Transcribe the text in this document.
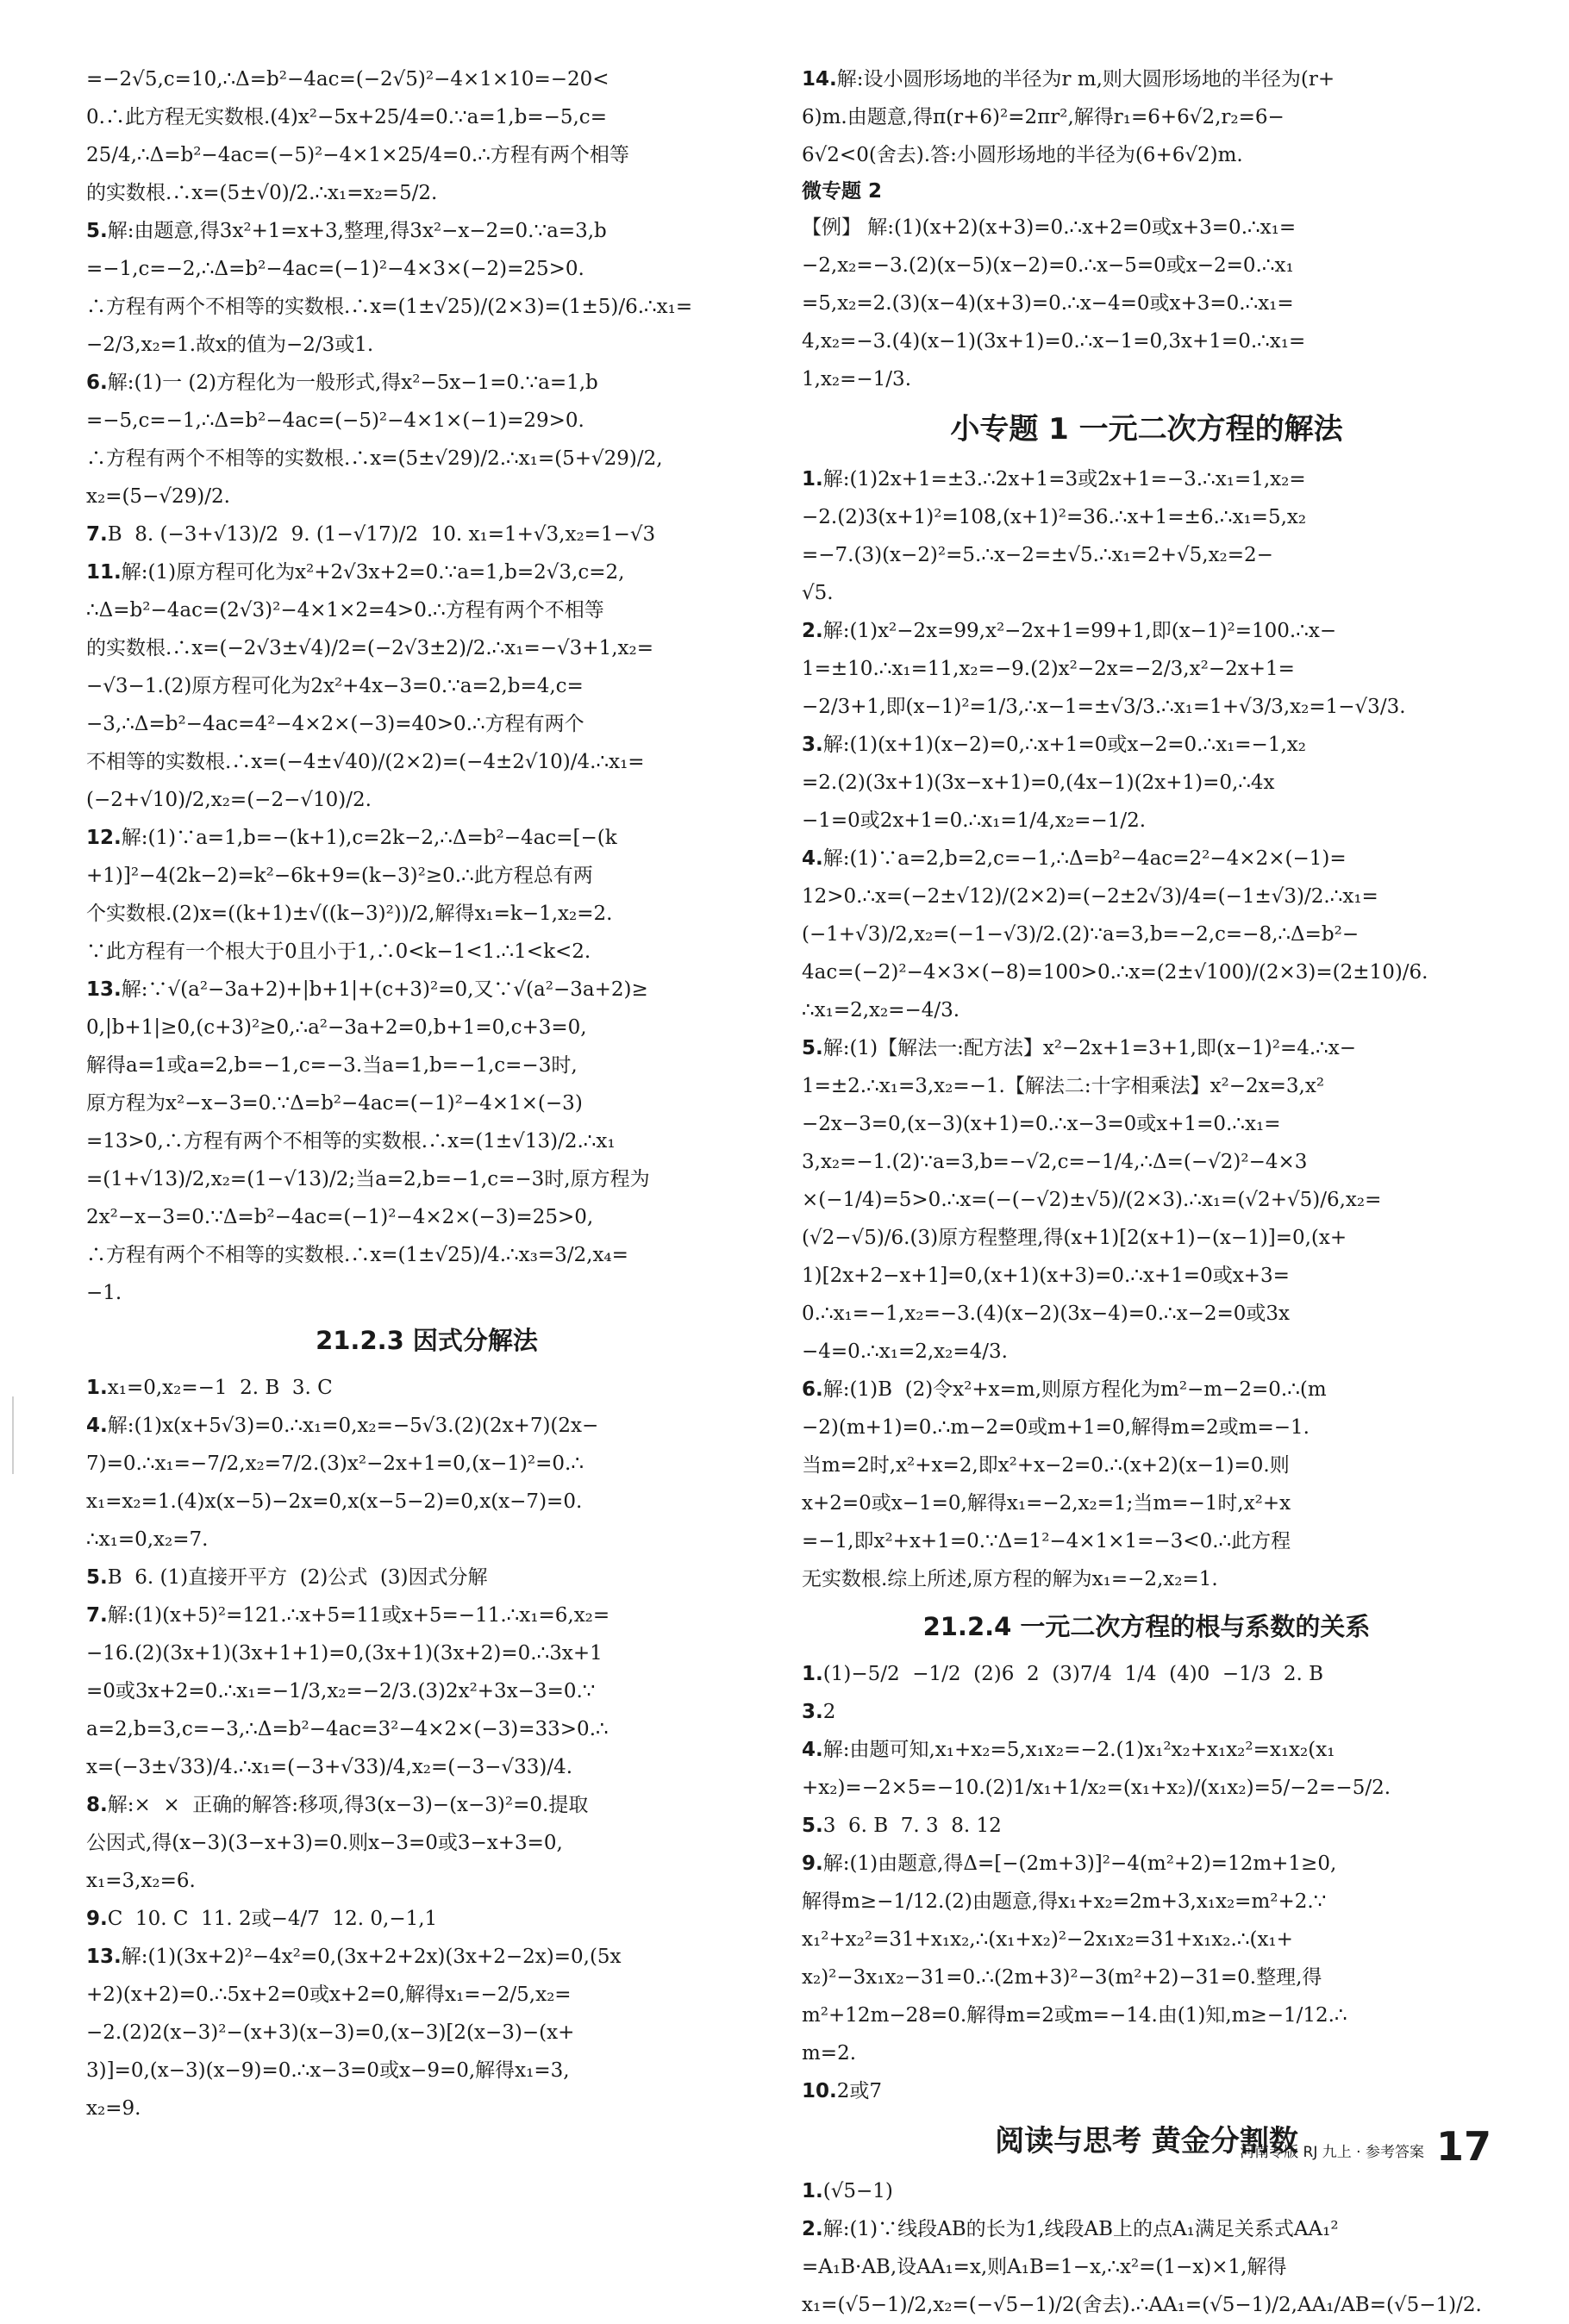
=−2√5,c=10,∴Δ=b²−4ac=(−2√5)²−4×1×10=−20<

0.∴此方程无实数根.(4)x²−5x+25/4=0.∵a=1,b=−5,c=

25/4,∴Δ=b²−4ac=(−5)²−4×1×25/4=0.∴方程有两个相等

的实数根.∴x=(5±√0)/2.∴x₁=x₂=5/2.

5.解:由题意,得3x²+1=x+3,整理,得3x²−x−2=0.∵a=3,b

=−1,c=−2,∴Δ=b²−4ac=(−1)²−4×3×(−2)=25>0.

∴方程有两个不相等的实数根.∴x=(1±√25)/(2×3)=(1±5)/6.∴x₁=

−2/3,x₂=1.故x的值为−2/3或1.

6.解:(1)一 (2)方程化为一般形式,得x²−5x−1=0.∵a=1,b

=−5,c=−1,∴Δ=b²−4ac=(−5)²−4×1×(−1)=29>0.

∴方程有两个不相等的实数根.∴x=(5±√29)/2.∴x₁=(5+√29)/2,

x₂=(5−√29)/2.

7.B  8. (−3+√13)/2  9. (1−√17)/2  10. x₁=1+√3,x₂=1−√3

11.解:(1)原方程可化为x²+2√3x+2=0.∵a=1,b=2√3,c=2,

∴Δ=b²−4ac=(2√3)²−4×1×2=4>0.∴方程有两个不相等

的实数根.∴x=(−2√3±√4)/2=(−2√3±2)/2.∴x₁=−√3+1,x₂=

−√3−1.(2)原方程可化为2x²+4x−3=0.∵a=2,b=4,c=

−3,∴Δ=b²−4ac=4²−4×2×(−3)=40>0.∴方程有两个

不相等的实数根.∴x=(−4±√40)/(2×2)=(−4±2√10)/4.∴x₁=

(−2+√10)/2,x₂=(−2−√10)/2.

12.解:(1)∵a=1,b=−(k+1),c=2k−2,∴Δ=b²−4ac=[−(k

+1)]²−4(2k−2)=k²−6k+9=(k−3)²≥0.∴此方程总有两

个实数根.(2)x=((k+1)±√((k−3)²))/2,解得x₁=k−1,x₂=2.

∵此方程有一个根大于0且小于1,∴0<k−1<1.∴1<k<2.

13.解:∵√(a²−3a+2)+|b+1|+(c+3)²=0,又∵√(a²−3a+2)≥

0,|b+1|≥0,(c+3)²≥0,∴a²−3a+2=0,b+1=0,c+3=0,

解得a=1或a=2,b=−1,c=−3.当a=1,b=−1,c=−3时,

原方程为x²−x−3=0.∵Δ=b²−4ac=(−1)²−4×1×(−3)

=13>0,∴方程有两个不相等的实数根.∴x=(1±√13)/2.∴x₁

=(1+√13)/2,x₂=(1−√13)/2;当a=2,b=−1,c=−3时,原方程为

2x²−x−3=0.∵Δ=b²−4ac=(−1)²−4×2×(−3)=25>0,

∴方程有两个不相等的实数根.∴x=(1±√25)/4.∴x₃=3/2,x₄=

−1.

21.2.3 因式分解法

1.x₁=0,x₂=−1  2. B  3. C

4.解:(1)x(x+5√3)=0.∴x₁=0,x₂=−5√3.(2)(2x+7)(2x−

7)=0.∴x₁=−7/2,x₂=7/2.(3)x²−2x+1=0,(x−1)²=0.∴

x₁=x₂=1.(4)x(x−5)−2x=0,x(x−5−2)=0,x(x−7)=0.

∴x₁=0,x₂=7.

5.B  6. (1)直接开平方  (2)公式  (3)因式分解

7.解:(1)(x+5)²=121.∴x+5=11或x+5=−11.∴x₁=6,x₂=

−16.(2)(3x+1)(3x+1+1)=0,(3x+1)(3x+2)=0.∴3x+1

=0或3x+2=0.∴x₁=−1/3,x₂=−2/3.(3)2x²+3x−3=0.∵

a=2,b=3,c=−3,∴Δ=b²−4ac=3²−4×2×(−3)=33>0.∴

x=(−3±√33)/4.∴x₁=(−3+√33)/4,x₂=(−3−√33)/4.

8.解:×  ×  正确的解答:移项,得3(x−3)−(x−3)²=0.提取

公因式,得(x−3)(3−x+3)=0.则x−3=0或3−x+3=0,

x₁=3,x₂=6.

9.C  10. C  11. 2或−4/7  12. 0,−1,1

13.解:(1)(3x+2)²−4x²=0,(3x+2+2x)(3x+2−2x)=0,(5x

+2)(x+2)=0.∴5x+2=0或x+2=0,解得x₁=−2/5,x₂=

−2.(2)2(x−3)²−(x+3)(x−3)=0,(x−3)[2(x−3)−(x+

3)]=0,(x−3)(x−9)=0.∴x−3=0或x−9=0,解得x₁=3,

x₂=9.

14.解:设小圆形场地的半径为r m,则大圆形场地的半径为(r+

6)m.由题意,得π(r+6)²=2πr²,解得r₁=6+6√2,r₂=6−

6√2<0(舍去).答:小圆形场地的半径为(6+6√2)m.

微专题 2

【例】 解:(1)(x+2)(x+3)=0.∴x+2=0或x+3=0.∴x₁=

−2,x₂=−3.(2)(x−5)(x−2)=0.∴x−5=0或x−2=0.∴x₁

=5,x₂=2.(3)(x−4)(x+3)=0.∴x−4=0或x+3=0.∴x₁=

4,x₂=−3.(4)(x−1)(3x+1)=0.∴x−1=0,3x+1=0.∴x₁=

1,x₂=−1/3.

小专题 1 一元二次方程的解法

1.解:(1)2x+1=±3.∴2x+1=3或2x+1=−3.∴x₁=1,x₂=

−2.(2)3(x+1)²=108,(x+1)²=36.∴x+1=±6.∴x₁=5,x₂

=−7.(3)(x−2)²=5.∴x−2=±√5.∴x₁=2+√5,x₂=2−

√5.

2.解:(1)x²−2x=99,x²−2x+1=99+1,即(x−1)²=100.∴x−

1=±10.∴x₁=11,x₂=−9.(2)x²−2x=−2/3,x²−2x+1=

−2/3+1,即(x−1)²=1/3,∴x−1=±√3/3.∴x₁=1+√3/3,x₂=1−√3/3.

3.解:(1)(x+1)(x−2)=0,∴x+1=0或x−2=0.∴x₁=−1,x₂

=2.(2)(3x+1)(3x−x+1)=0,(4x−1)(2x+1)=0,∴4x

−1=0或2x+1=0.∴x₁=1/4,x₂=−1/2.

4.解:(1)∵a=2,b=2,c=−1,∴Δ=b²−4ac=2²−4×2×(−1)=

12>0.∴x=(−2±√12)/(2×2)=(−2±2√3)/4=(−1±√3)/2.∴x₁=

(−1+√3)/2,x₂=(−1−√3)/2.(2)∵a=3,b=−2,c=−8,∴Δ=b²−

4ac=(−2)²−4×3×(−8)=100>0.∴x=(2±√100)/(2×3)=(2±10)/6.

∴x₁=2,x₂=−4/3.

5.解:(1)【解法一:配方法】x²−2x+1=3+1,即(x−1)²=4.∴x−

1=±2.∴x₁=3,x₂=−1.【解法二:十字相乘法】x²−2x=3,x²

−2x−3=0,(x−3)(x+1)=0.∴x−3=0或x+1=0.∴x₁=

3,x₂=−1.(2)∵a=3,b=−√2,c=−1/4,∴Δ=(−√2)²−4×3

×(−1/4)=5>0.∴x=(−(−√2)±√5)/(2×3).∴x₁=(√2+√5)/6,x₂=

(√2−√5)/6.(3)原方程整理,得(x+1)[2(x+1)−(x−1)]=0,(x+

1)[2x+2−x+1]=0,(x+1)(x+3)=0.∴x+1=0或x+3=

0.∴x₁=−1,x₂=−3.(4)(x−2)(3x−4)=0.∴x−2=0或3x

−4=0.∴x₁=2,x₂=4/3.

6.解:(1)B  (2)令x²+x=m,则原方程化为m²−m−2=0.∴(m

−2)(m+1)=0.∴m−2=0或m+1=0,解得m=2或m=−1.

当m=2时,x²+x=2,即x²+x−2=0.∴(x+2)(x−1)=0.则

x+2=0或x−1=0,解得x₁=−2,x₂=1;当m=−1时,x²+x

=−1,即x²+x+1=0.∵Δ=1²−4×1×1=−3<0.∴此方程

无实数根.综上所述,原方程的解为x₁=−2,x₂=1.

21.2.4 一元二次方程的根与系数的关系

1.(1)−5/2  −1/2  (2)6  2  (3)7/4  1/4  (4)0  −1/3  2. B

3.2

4.解:由题可知,x₁+x₂=5,x₁x₂=−2.(1)x₁²x₂+x₁x₂²=x₁x₂(x₁

+x₂)=−2×5=−10.(2)1/x₁+1/x₂=(x₁+x₂)/(x₁x₂)=5/−2=−5/2.

5.3  6. B  7. 3  8. 12

9.解:(1)由题意,得Δ=[−(2m+3)]²−4(m²+2)=12m+1≥0,

解得m≥−1/12.(2)由题意,得x₁+x₂=2m+3,x₁x₂=m²+2.∵

x₁²+x₂²=31+x₁x₂,∴(x₁+x₂)²−2x₁x₂=31+x₁x₂.∴(x₁+

x₂)²−3x₁x₂−31=0.∴(2m+3)²−3(m²+2)−31=0.整理,得

m²+12m−28=0.解得m=2或m=−14.由(1)知,m≥−1/12.∴

m=2.

10.2或7

阅读与思考 黄金分割数

1.(√5−1)

2.解:(1)∵线段AB的长为1,线段AB上的点A₁满足关系式AA₁²

=A₁B·AB,设AA₁=x,则A₁B=1−x,∴x²=(1−x)×1,解得

x₁=(√5−1)/2,x₂=(−√5−1)/2(舍去).∴AA₁=(√5−1)/2,AA₁/AB=(√5−1)/2.

河南专版 RJ 九上 · 参考答案 17
